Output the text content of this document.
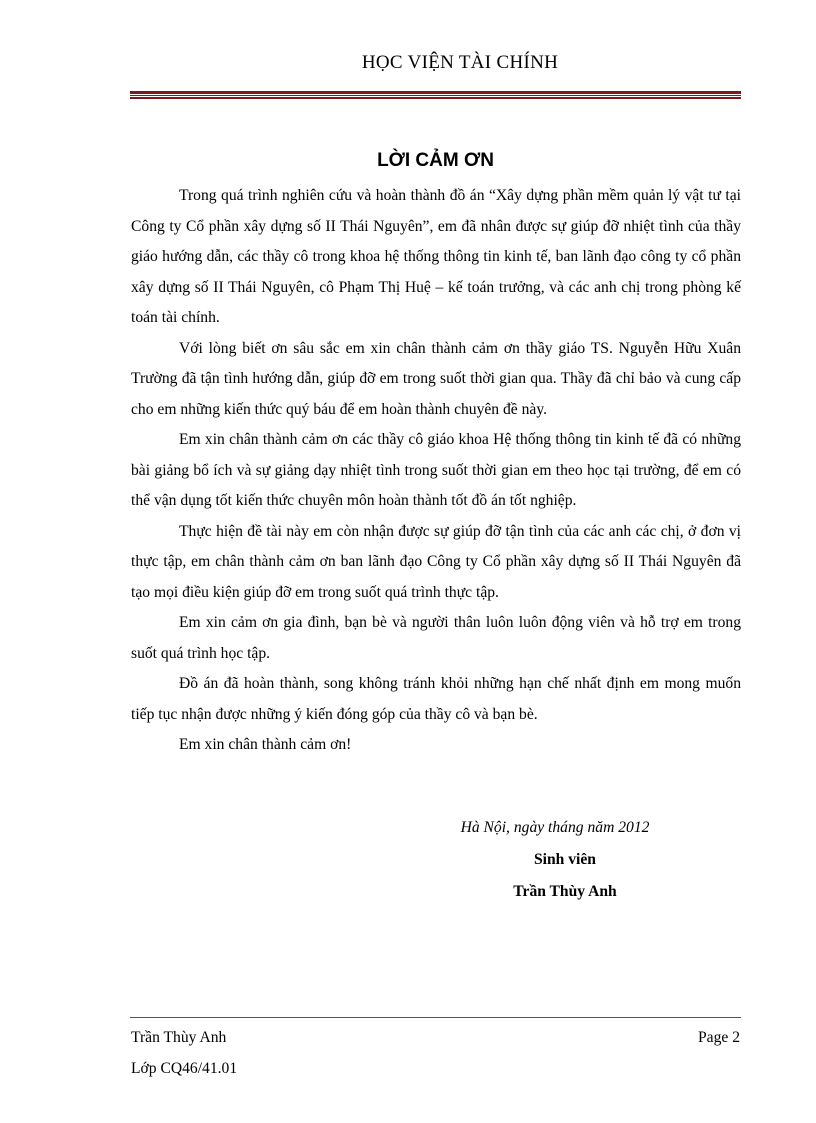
HỌC VIỆN TÀI CHÍNH
LỜI CẢM ƠN

Trong quá trình nghiên cứu và hoàn thành đồ án “Xây dựng phần mềm quản lý vật tư tại Công ty Cổ phần xây dựng số II Thái Nguyên”, em đã nhân được sự giúp đỡ nhiệt tình của thầy giáo hướng dẫn, các thầy cô trong khoa hệ thống thông tin kinh tế, ban lãnh đạo công ty cổ phần xây dựng số II Thái Nguyên, cô Phạm Thị Huệ – kế toán trưởng, và các anh chị trong phòng kế toán tài chính.

Với lòng biết ơn sâu sắc em xin chân thành cảm ơn thầy giáo TS. Nguyễn Hữu Xuân Trường đã tận tình hướng dẫn, giúp đỡ em trong suốt thời gian qua. Thầy đã chỉ bảo và cung cấp cho em những kiến thức quý báu để em hoàn thành chuyên đề này.

Em xin chân thành cảm ơn các thầy cô giáo khoa Hệ thống thông tin kinh tế đã có những bài giảng bổ ích và sự giảng dạy nhiệt tình trong suốt thời gian em theo học tại trường, để em có thể vận dụng tốt kiến thức chuyên môn hoàn thành tốt đồ án tốt nghiệp.

Thực hiện đề tài này em còn nhận được sự giúp đỡ tận tình của các anh các chị, ở đơn vị thực tập, em chân thành cảm ơn ban lãnh đạo Công ty Cổ phần xây dựng số II Thái Nguyên đã tạo mọi điều kiện giúp đỡ em trong suốt quá trình thực tập.

Em xin cảm ơn gia đình, bạn bè và người thân luôn luôn động viên và hỗ trợ em trong suốt quá trình học tập.

Đồ án đã hoàn thành, song không tránh khỏi những hạn chế nhất định em mong muốn tiếp tục nhận được những ý kiến đóng góp của thầy cô và bạn bè.

Em xin chân thành cảm ơn!

Hà Nội, ngày tháng năm 2012
Sinh viên
Trần Thùy Anh
Trần Thùy Anh
Lớp CQ46/41.01
Page 2
